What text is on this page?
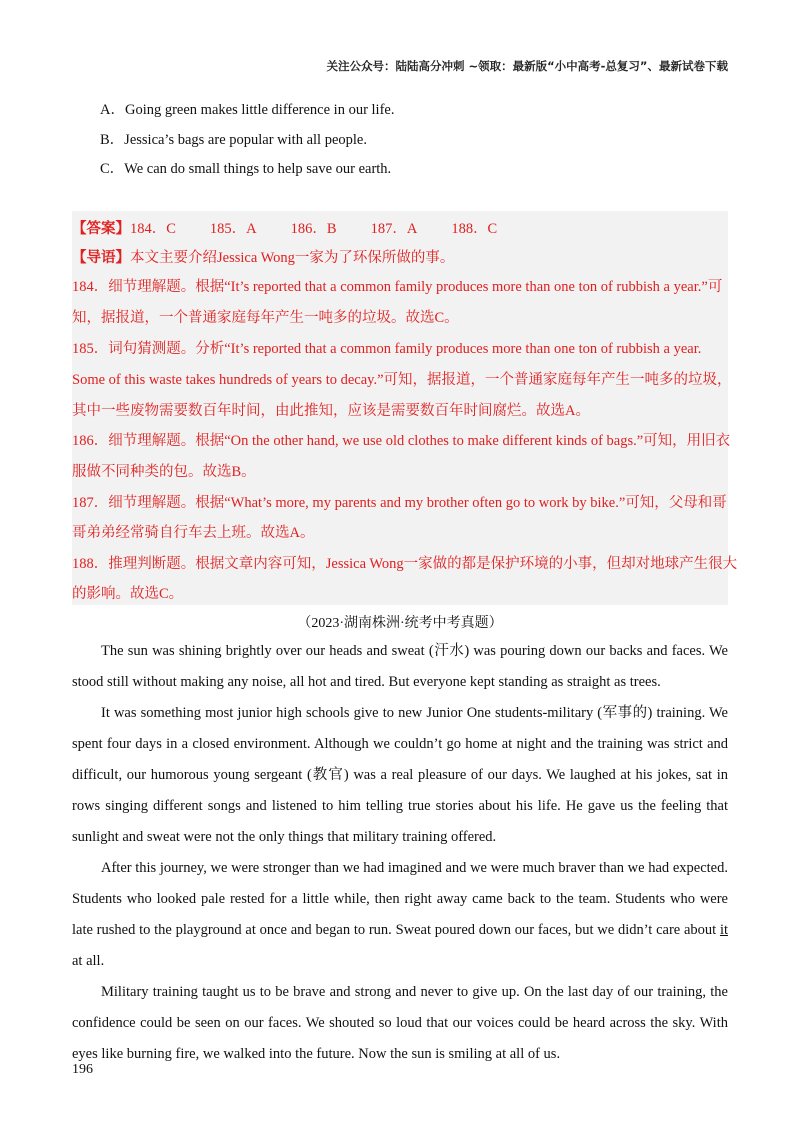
关注公众号：陆陆高分冲刺 ~领取：最新版“小中高考-总复习”、最新试卷下载
A．Going green makes little difference in our life.
B．Jessica’s bags are popular with all people.
C．We can do small things to help save our earth.
【答案】184．C 185．A 186．B 187．A 188．C
【导语】本文主要介绍Jessica Wong一家为了环保所做的事。
184．细节理解题。根据“It’s reported that a common family produces more than one ton of rubbish a year.”可
知，据报道，一个普通家庭每年产生一吨多的垃圾。故选C。
185．词句猜测题。分析“It’s reported that a common family produces more than one ton of rubbish a year.
Some of this waste takes hundreds of years to decay.”可知，据报道，一个普通家庭每年产生一吨多的垃圾，
其中一些废物需要数百年时间，由此推知，应该是需要数百年时间腐烂。故选A。
186．细节理解题。根据“On the other hand, we use old clothes to make different kinds of bags.”可知，用旧衣
服做不同种类的包。故选B。
187．细节理解题。根据“What’s more, my parents and my brother often go to work by bike.”可知，父母和哥
哥弟弟经常骑自行车去上班。故选A。
188．推理判断题。根据文章内容可知，Jessica Wong一家做的都是保护环境的小事，但却对地球产生很大
的影响。故选C。
（2023·湖南株洲·统考中考真题）

The sun was shining brightly over our heads and sweat (汗水) was pouring down our backs and faces. We stood still without making any noise, all hot and tired. But everyone kept standing as straight as trees.

It was something most junior high schools give to new Junior One students-military (军事的) training. We spent four days in a closed environment. Although we couldn’t go home at night and the training was strict and difficult, our humorous young sergeant (教官) was a real pleasure of our days. We laughed at his jokes, sat in rows singing different songs and listened to him telling true stories about his life. He gave us the feeling that sunlight and sweat were not the only things that military training offered.

After this journey, we were stronger than we had imagined and we were much braver than we had expected. Students who looked pale rested for a little while, then right away came back to the team. Students who were late rushed to the playground at once and began to run. Sweat poured down our faces, but we didn’t care about it at all.

Military training taught us to be brave and strong and never to give up. On the last day of our training, the confidence could be seen on our faces. We shouted so loud that our voices could be heard across the sky. With eyes like burning fire, we walked into the future. Now the sun is smiling at all of us.

196
